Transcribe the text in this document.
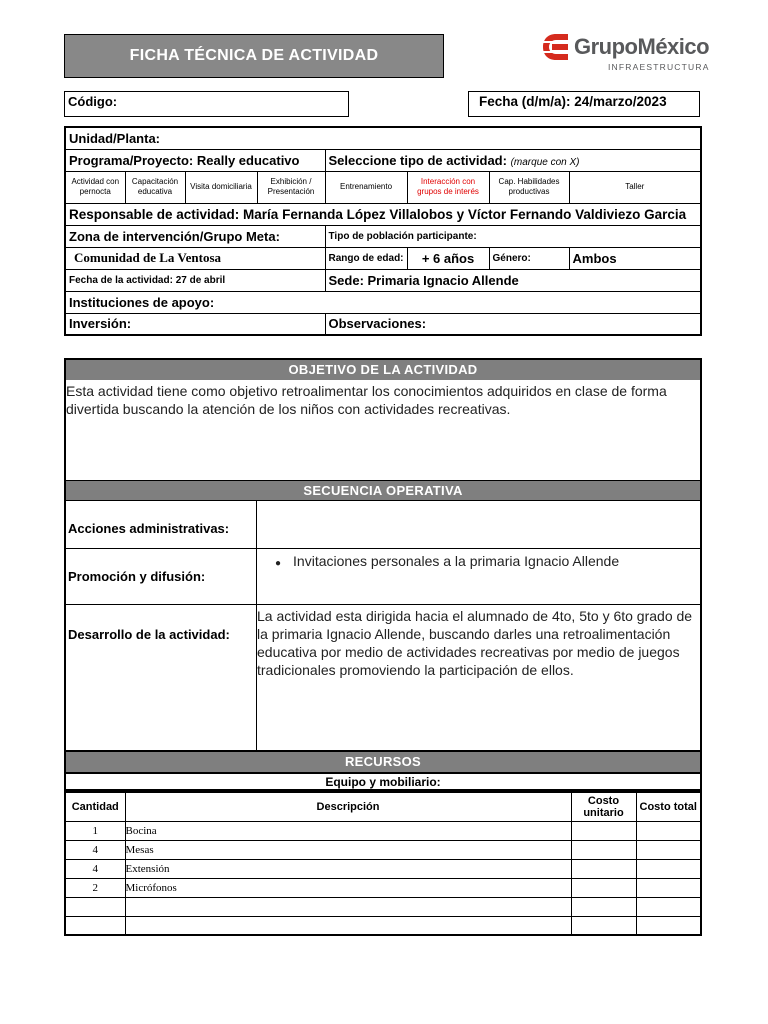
FICHA TÉCNICA DE ACTIVIDAD	GrupoMéxico
INFRAESTRUCTURA
Código:	Fecha (d/m/a): 24/marzo/2023
Unidad/Planta:							
Programa/Proyecto: Really educativo				Seleccione tipo de actividad: (marque con X)			
Actividad con pernocta	Capacitación educativa	Visita domiciliaria	Exhibición / Presentación	Entrenamiento	Interacción con grupos de interés	Cap. Habilidades productivas	Taller
Responsable de actividad: María Fernanda López Villalobos y Víctor Fernando Valdiviezo Garcia							
Zona de intervención/Grupo Meta:				Tipo de población participante:			
Comunidad de La Ventosa				Rango de edad:	+ 6 años	Género:	Ambos
Fecha de la actividad: 27 de abril				Sede: Primaria Ignacio Allende			
Instituciones de apoyo:							
Inversión:				Observaciones:			
OBJETIVO DE LA ACTIVIDAD
Esta actividad tiene como objetivo retroalimentar los conocimientos adquiridos en clase de forma divertida buscando la atención de los niños con actividades recreativas.
SECUENCIA OPERATIVA
Acciones administrativas:
Promoción y difusión:
● Invitaciones personales a la primaria Ignacio Allende
Desarrollo de la actividad:
La actividad esta dirigida hacia el alumnado de 4to, 5to y 6to grado de la primaria Ignacio Allende, buscando darles una retroalimentación educativa por medio de actividades recreativas por medio de juegos tradicionales promoviendo la participación de ellos.
RECURSOS
Equipo y mobiliario:
Cantidad	Descripción	Costo unitario	Costo total
1	Bocina		
4	Mesas		
4	Extensión		
2	Micrófonos		
